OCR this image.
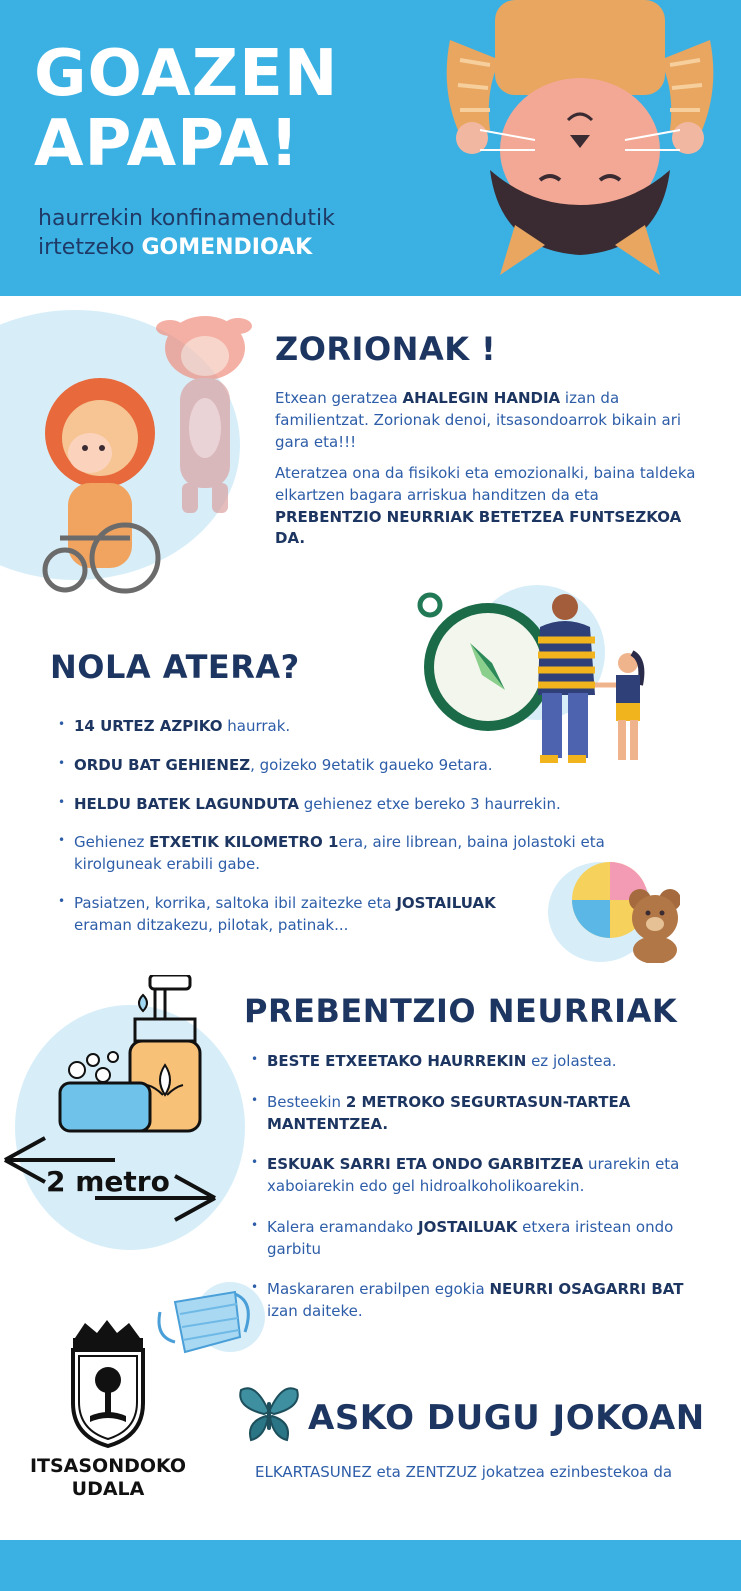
GOAZEN
APAPA!
haurrekin konfinamendutik
irtetzeko GOMENDIOAK
ZORIONAK !
Etxean geratzea AHALEGIN HANDIA izan da familientzat. Zorionak denoi, itsasondoarrok bikain ari gara eta!!!
Ateratzea ona da fisikoki eta emozionalki, baina taldeka elkartzen bagara arriskua handitzen da eta PREBENTZIO NEURRIAK BETETZEA FUNTSEZKOA DA.
NOLA ATERA?
• 14 URTEZ AZPIKO haurrak.
• ORDU BAT GEHIENEZ, goizeko 9etatik gaueko 9etara.
• HELDU BATEK LAGUNDUTA gehienez etxe bereko 3 haurrekin.
• Gehienez ETXETIK KILOMETRO 1era, aire librean, baina jolastoki eta kirolguneak erabili gabe.
• Pasiatzen, korrika, saltoka ibil zaitezke eta JOSTAILUAK eraman ditzakezu, pilotak, patinak...
2 metro
PREBENTZIO NEURRIAK
• BESTE ETXEETAKO HAURREKIN ez jolastea.
• Besteekin 2 METROKO SEGURTASUN-TARTEA MANTENTZEA.
• ESKUAK SARRI ETA ONDO GARBITZEA urarekin eta xaboiarekin edo gel hidroalkoholikoarekin.
• Kalera eramandako JOSTAILUAK etxera iristean ondo garbitu
• Maskararen erabilpen egokia NEURRI OSAGARRI BAT izan daiteke.
ITSASONDOKO
UDALA
ASKO DUGU JOKOAN
ELKARTASUNEZ eta ZENTZUZ jokatzea ezinbestekoa da
